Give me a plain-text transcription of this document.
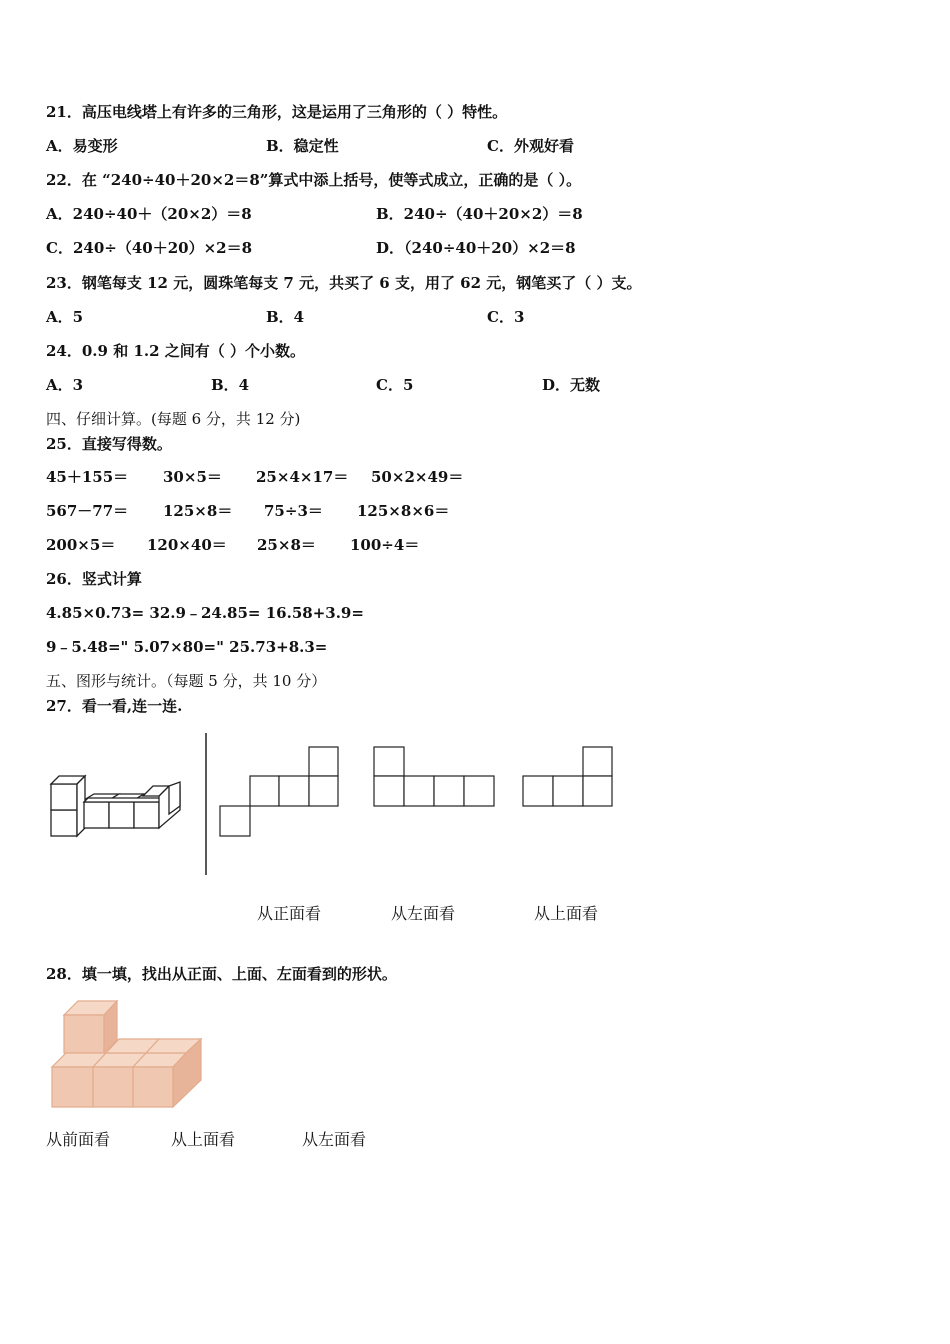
21．高压电线塔上有许多的三角形，这是运用了三角形的（ ）特性。
A．易变形	B．稳定性	C．外观好看
22．在 “240÷40＋20×2＝8”算式中添上括号，使等式成立，正确的是（ ）。
A．240÷40＋（20×2）＝8	B．240÷（40＋20×2）＝8
C．240÷（40＋20）×2＝8	D．（240÷40＋20）×2＝8
23．钢笔每支 12 元，圆珠笔每支 7 元，共买了 6 支，用了 62 元，钢笔买了（ ）支。
A．5	B．4	C．3
24．0.9 和 1.2 之间有（ ）个小数。
A．3	B．4	C．5	D．无数
四、仔细计算。(每题 6 分，共 12 分)
25．直接写得数。
45＋155＝ 30×5＝ 25×4×17＝ 50×2×49＝
567－77＝ 125×8＝ 75÷3＝ 125×8×6＝
200×5＝ 120×40＝ 25×8＝ 100÷4＝
26．竖式计算
4.85×0.73= 32.9﹣24.85= 16.58+3.9=
9﹣5.48=" 5.07×80=" 25.73+8.3=
五、图形与统计。（每题 5 分，共 10 分）
27．看一看,连一连.
从正面看	从左面看	从上面看
28．填一填，找出从正面、上面、左面看到的形状。
从前面看	从上面看	从左面看
